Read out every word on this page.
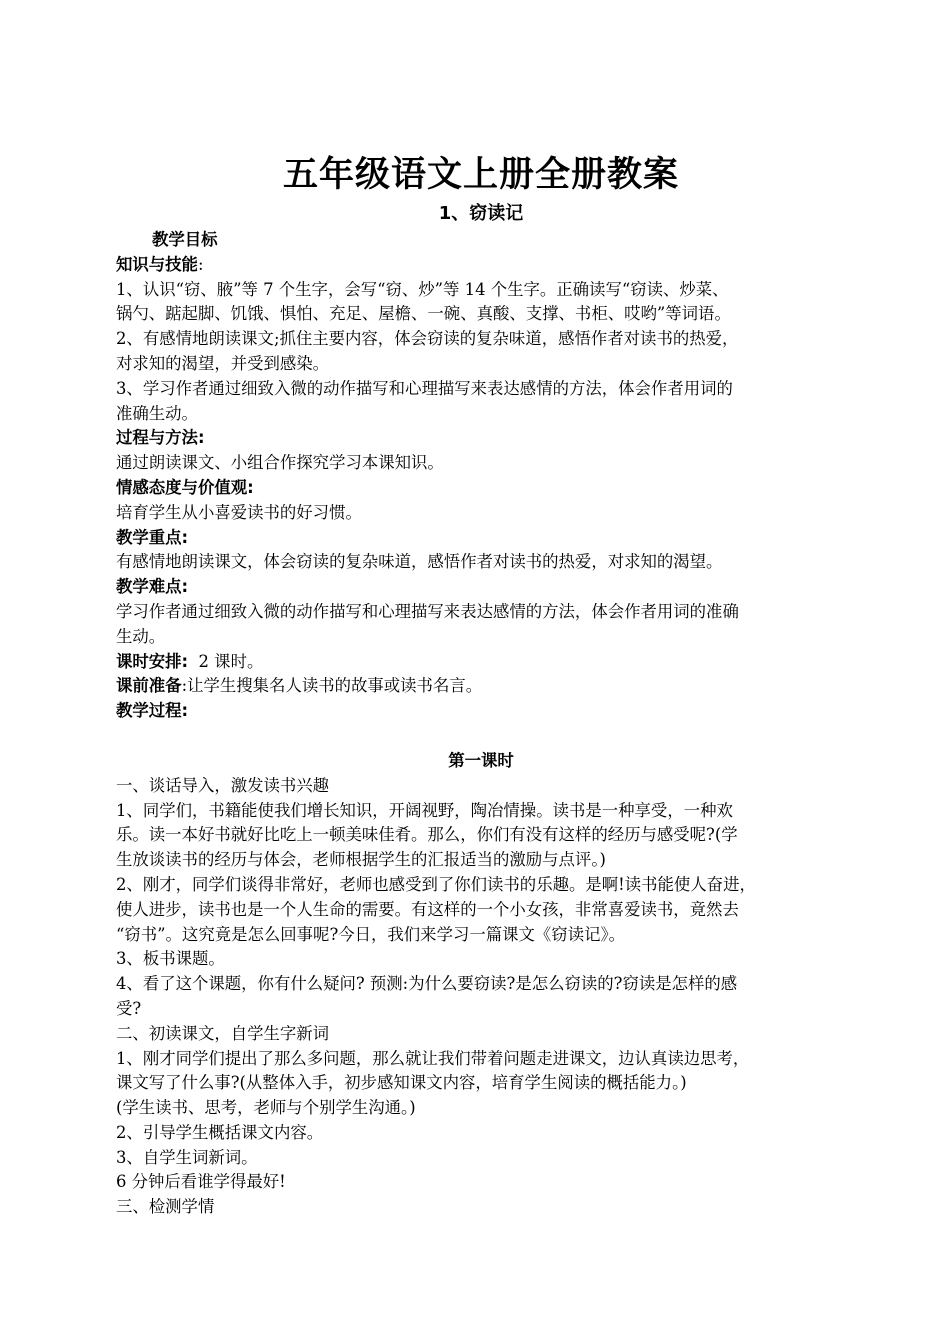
五年级语文上册全册教案
1、窃读记
教学目标
知识与技能:
1、认识“窃、腋”等 7 个生字，会写“窃、炒”等 14 个生字。正确读写“窃读、炒菜、
锅勺、踮起脚、饥饿、惧怕、充足、屋檐、一碗、真酸、支撑、书柜、哎哟”等词语。
2、有感情地朗读课文;抓住主要内容，体会窃读的复杂味道，感悟作者对读书的热爱，
对求知的渴望，并受到感染。
3、学习作者通过细致入微的动作描写和心理描写来表达感情的方法，体会作者用词的
准确生动。
过程与方法:
通过朗读课文、小组合作探究学习本课知识。
情感态度与价值观:
培育学生从小喜爱读书的好习惯。
教学重点:
有感情地朗读课文，体会窃读的复杂味道，感悟作者对读书的热爱，对求知的渴望。
教学难点:
学习作者通过细致入微的动作描写和心理描写来表达感情的方法，体会作者用词的准确
生动。
课时安排:  2 课时。
课前准备:让学生搜集名人读书的故事或读书名言。
教学过程:
第一课时
一、谈话导入，激发读书兴趣
1、同学们，书籍能使我们增长知识，开阔视野，陶冶情操。读书是一种享受，一种欢
乐。读一本好书就好比吃上一顿美味佳肴。那么，你们有没有这样的经历与感受呢?(学
生放谈读书的经历与体会，老师根据学生的汇报适当的激励与点评。)
2、刚才，同学们谈得非常好，老师也感受到了你们读书的乐趣。是啊!读书能使人奋进，
使人进步，读书也是一个人生命的需要。有这样的一个小女孩，非常喜爱读书，竟然去
“窃书”。这究竟是怎么回事呢?今日，我们来学习一篇课文《窃读记》。
3、板书课题。
4、看了这个课题，你有什么疑问? 预测:为什么要窃读?是怎么窃读的?窃读是怎样的感
受?
二、初读课文，自学生字新词
1、刚才同学们提出了那么多问题，那么就让我们带着问题走进课文，边认真读边思考，
课文写了什么事?(从整体入手，初步感知课文内容，培育学生阅读的概括能力。)
(学生读书、思考，老师与个别学生沟通。)
2、引导学生概括课文内容。
3、自学生词新词。
6 分钟后看谁学得最好!
三、检测学情
